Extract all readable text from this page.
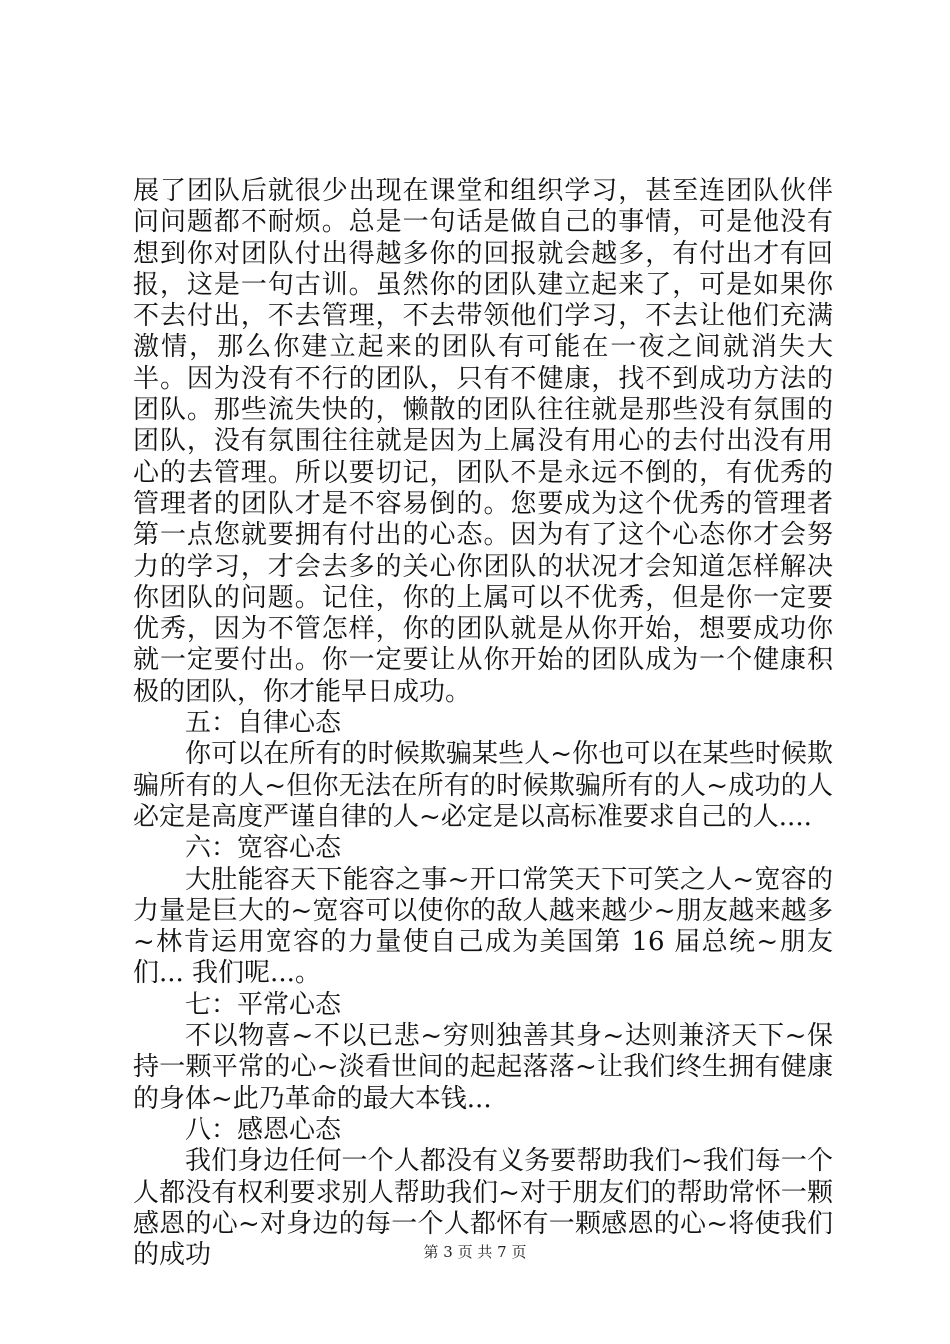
展了团队后就很少出现在课堂和组织学习，甚至连团队伙伴问问题都不耐烦。总是一句话是做自己的事情，可是他没有想到你对团队付出得越多你的回报就会越多，有付出才有回报，这是一句古训。虽然你的团队建立起来了，可是如果你不去付出，不去管理，不去带领他们学习，不去让他们充满激情，那么你建立起来的团队有可能在一夜之间就消失大半。因为没有不行的团队，只有不健康，找不到成功方法的团队。那些流失快的，懒散的团队往往就是那些没有氛围的团队，没有氛围往往就是因为上属没有用心的去付出没有用心的去管理。所以要切记，团队不是永远不倒的，有优秀的管理者的团队才是不容易倒的。您要成为这个优秀的管理者第一点您就要拥有付出的心态。因为有了这个心态你才会努力的学习，才会去多的关心你团队的状况才会知道怎样解决你团队的问题。记住，你的上属可以不优秀，但是你一定要优秀，因为不管怎样，你的团队就是从你开始，想要成功你就一定要付出。你一定要让从你开始的团队成为一个健康积极的团队，你才能早日成功。

五：自律心态

你可以在所有的时候欺骗某些人~你也可以在某些时候欺骗所有的人~但你无法在所有的时候欺骗所有的人~成功的人必定是高度严谨自律的人~必定是以高标准要求自己的人....

六：宽容心态

大肚能容天下能容之事~开口常笑天下可笑之人~宽容的力量是巨大的~宽容可以使你的敌人越来越少~朋友越来越多~林肯运用宽容的力量使自己成为美国第 16 届总统~朋友们... 我们呢...。

七：平常心态

不以物喜~不以已悲~穷则独善其身~达则兼济天下~保持一颗平常的心~淡看世间的起起落落~让我们终生拥有健康的身体~此乃革命的最大本钱...

八：感恩心态

我们身边任何一个人都没有义务要帮助我们~我们每一个人都没有权利要求别人帮助我们~对于朋友们的帮助常怀一颗感恩的心~对身边的每一个人都怀有一颗感恩的心~将使我们的成功	第 3 页 共 7 页
